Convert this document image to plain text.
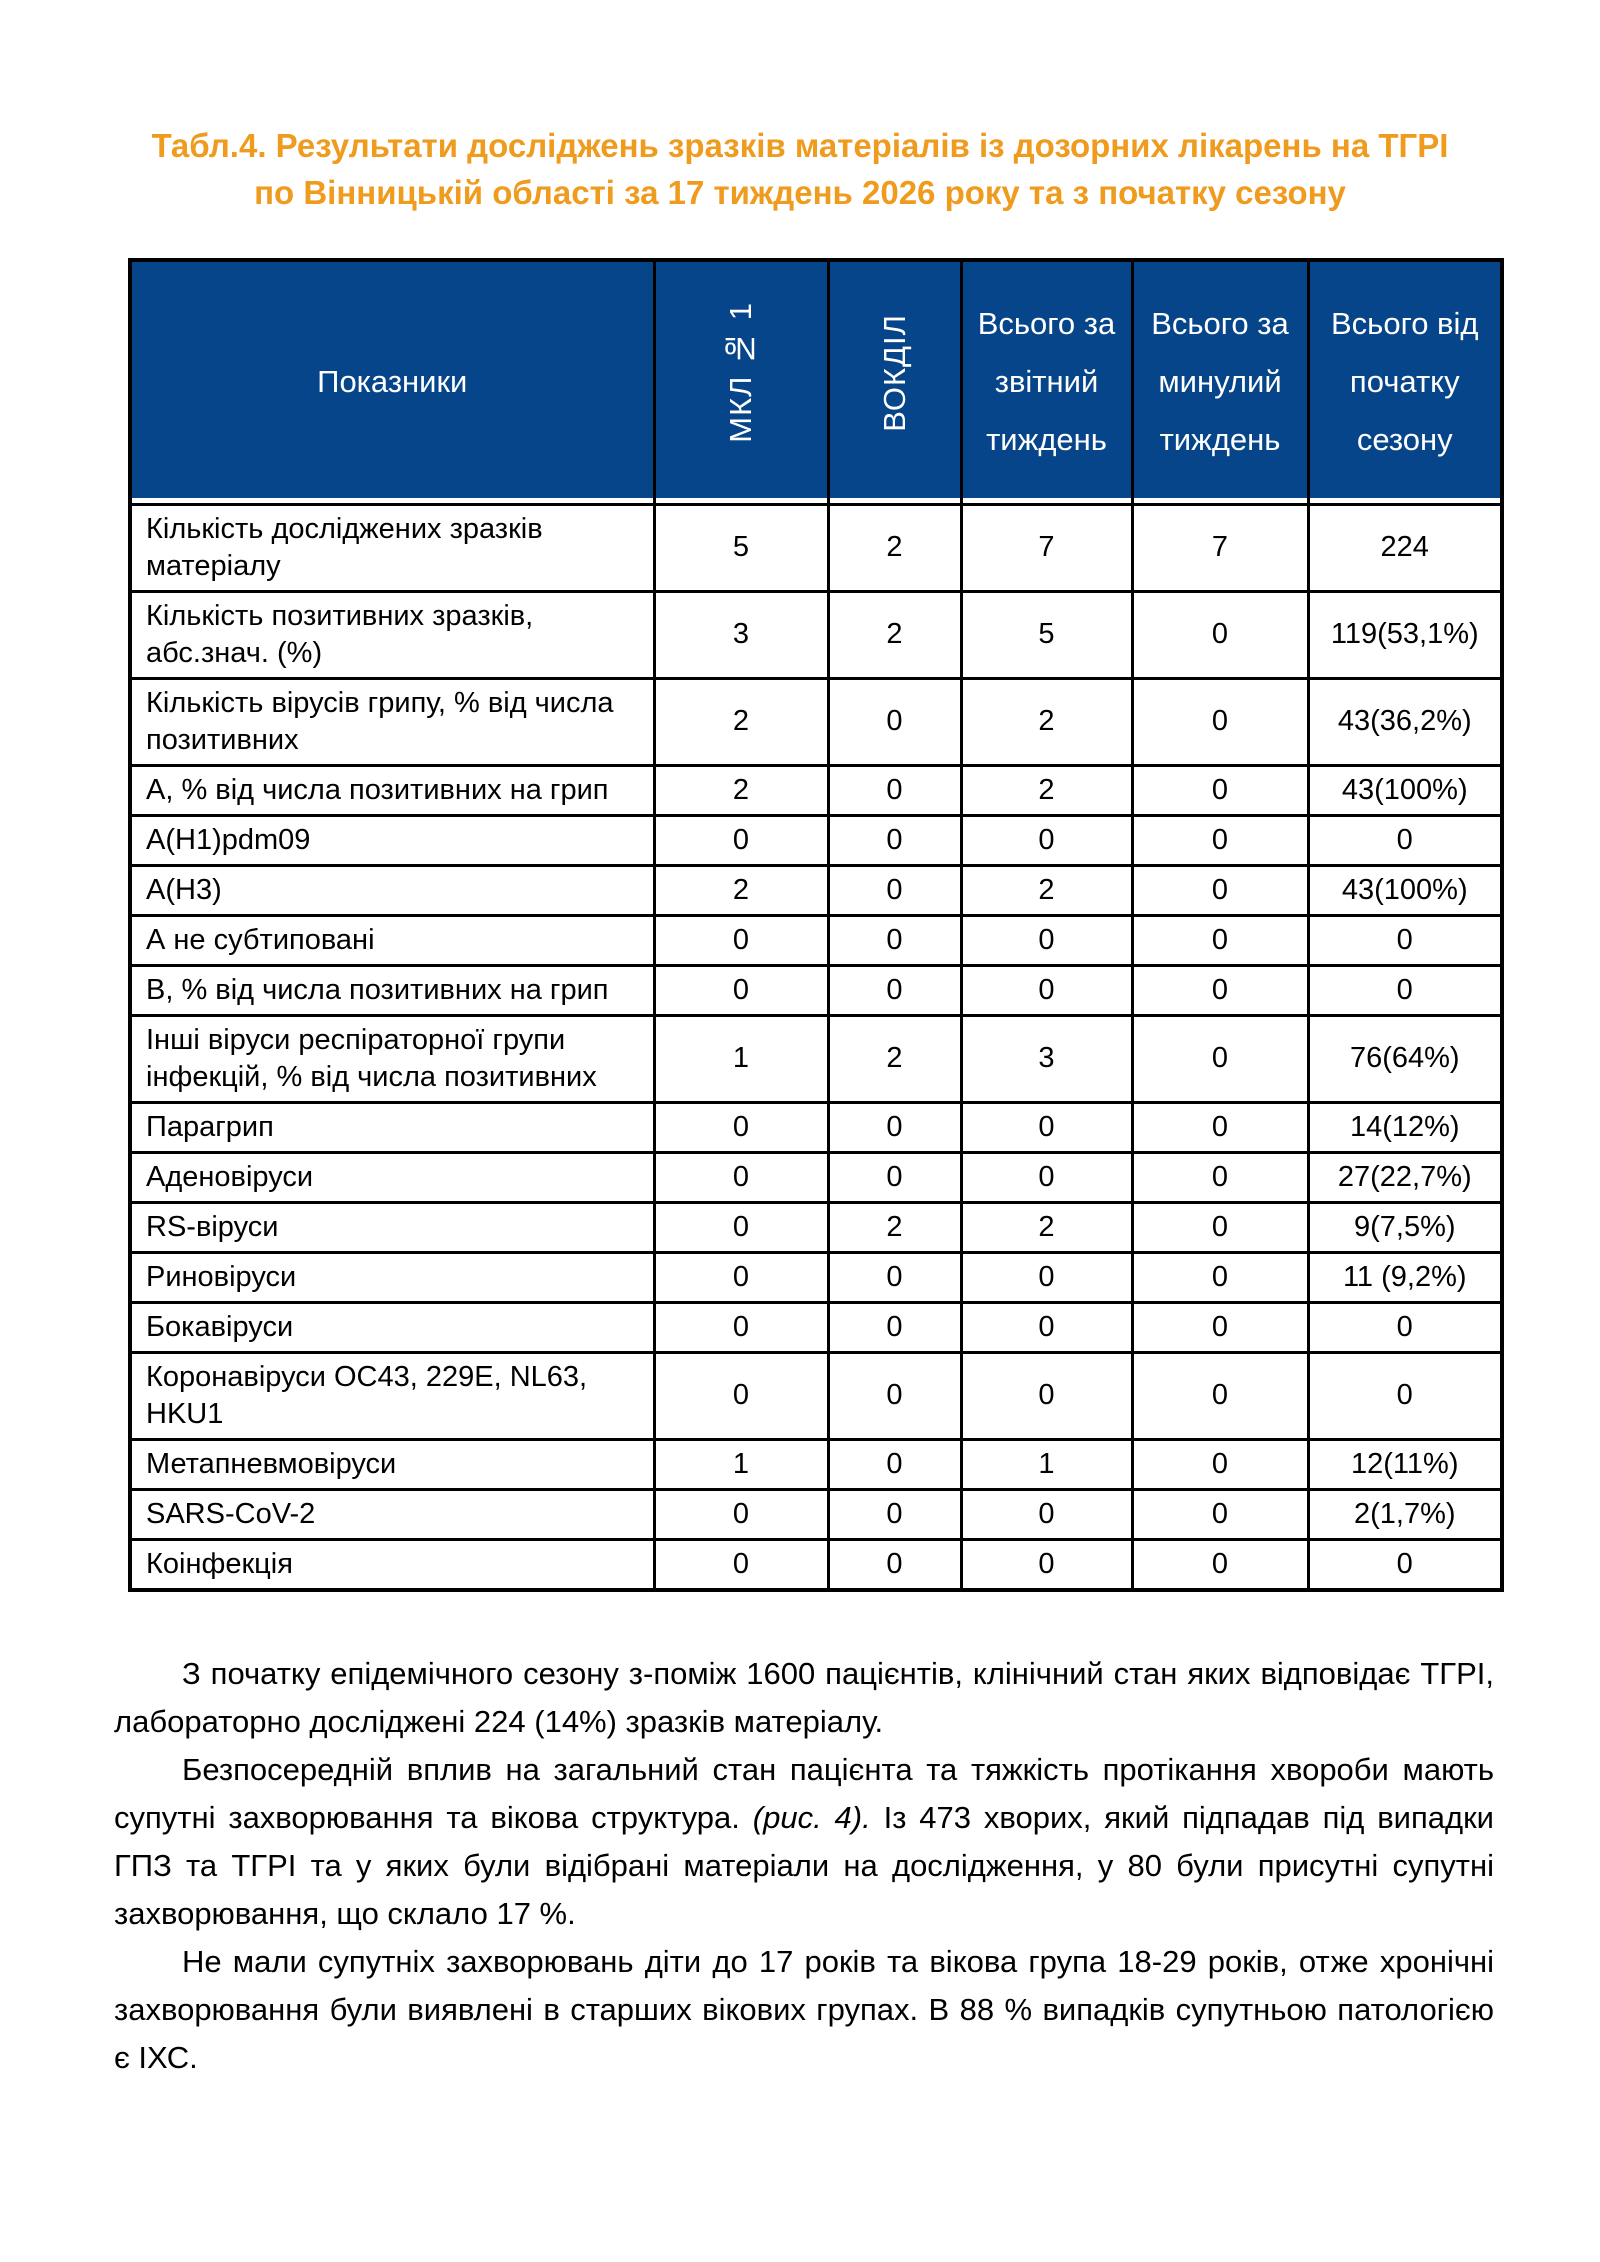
Табл.4. Результати досліджень зразків матеріалів із дозорних лікарень на ТГРІ по Вінницькій області за 17 тиждень 2026 року та з початку сезону
Показники	МКЛ № 1	ВОКДІЛ	Всього за звітний тиждень	Всього за минулий тиждень	Всього від початку сезону
Кількість досліджених зразків матеріалу	5	2	7	7	224
Кількість позитивних зразків, абс.знач. (%)	3	2	5	0	119(53,1%)
Кількість вірусів грипу, % від числа позитивних	2	0	2	0	43(36,2%)
А, % від числа позитивних на грип	2	0	2	0	43(100%)
A(H1)pdm09	0	0	0	0	0
A(H3)	2	0	2	0	43(100%)
А не субтиповані	0	0	0	0	0
В, % від числа позитивних на грип	0	0	0	0	0
Інші віруси респіраторної групи інфекцій, % від числа позитивних	1	2	3	0	76(64%)
Парагрип	0	0	0	0	14(12%)
Аденовіруси	0	0	0	0	27(22,7%)
RS-віруси	0	2	2	0	9(7,5%)
Риновіруси	0	0	0	0	11 (9,2%)
Бокавіруси	0	0	0	0	0
Коронавіруси OC43, 229E, NL63, HKU1	0	0	0	0	0
Метапневмовіруси	1	0	1	0	12(11%)
SARS-CoV-2	0	0	0	0	2(1,7%)
Коінфекція	0	0	0	0	0

З початку епідемічного сезону з-поміж 1600 пацієнтів, клінічний стан яких відповідає ТГРІ, лабораторно досліджені 224 (14%) зразків матеріалу.

Безпосередній вплив на загальний стан пацієнта та тяжкість протікання хвороби мають супутні захворювання та вікова структура. (рис. 4). Із 473 хворих, який підпадав під випадки ГПЗ та ТГРІ та у яких були відібрані матеріали на дослідження, у 80 були присутні супутні захворювання, що склало 17 %.

Не мали супутніх захворювань діти до 17 років та вікова група 18-29 років, отже хронічні захворювання були виявлені в старших вікових групах. В 88 % випадків супутньою патологією є ІХС.
